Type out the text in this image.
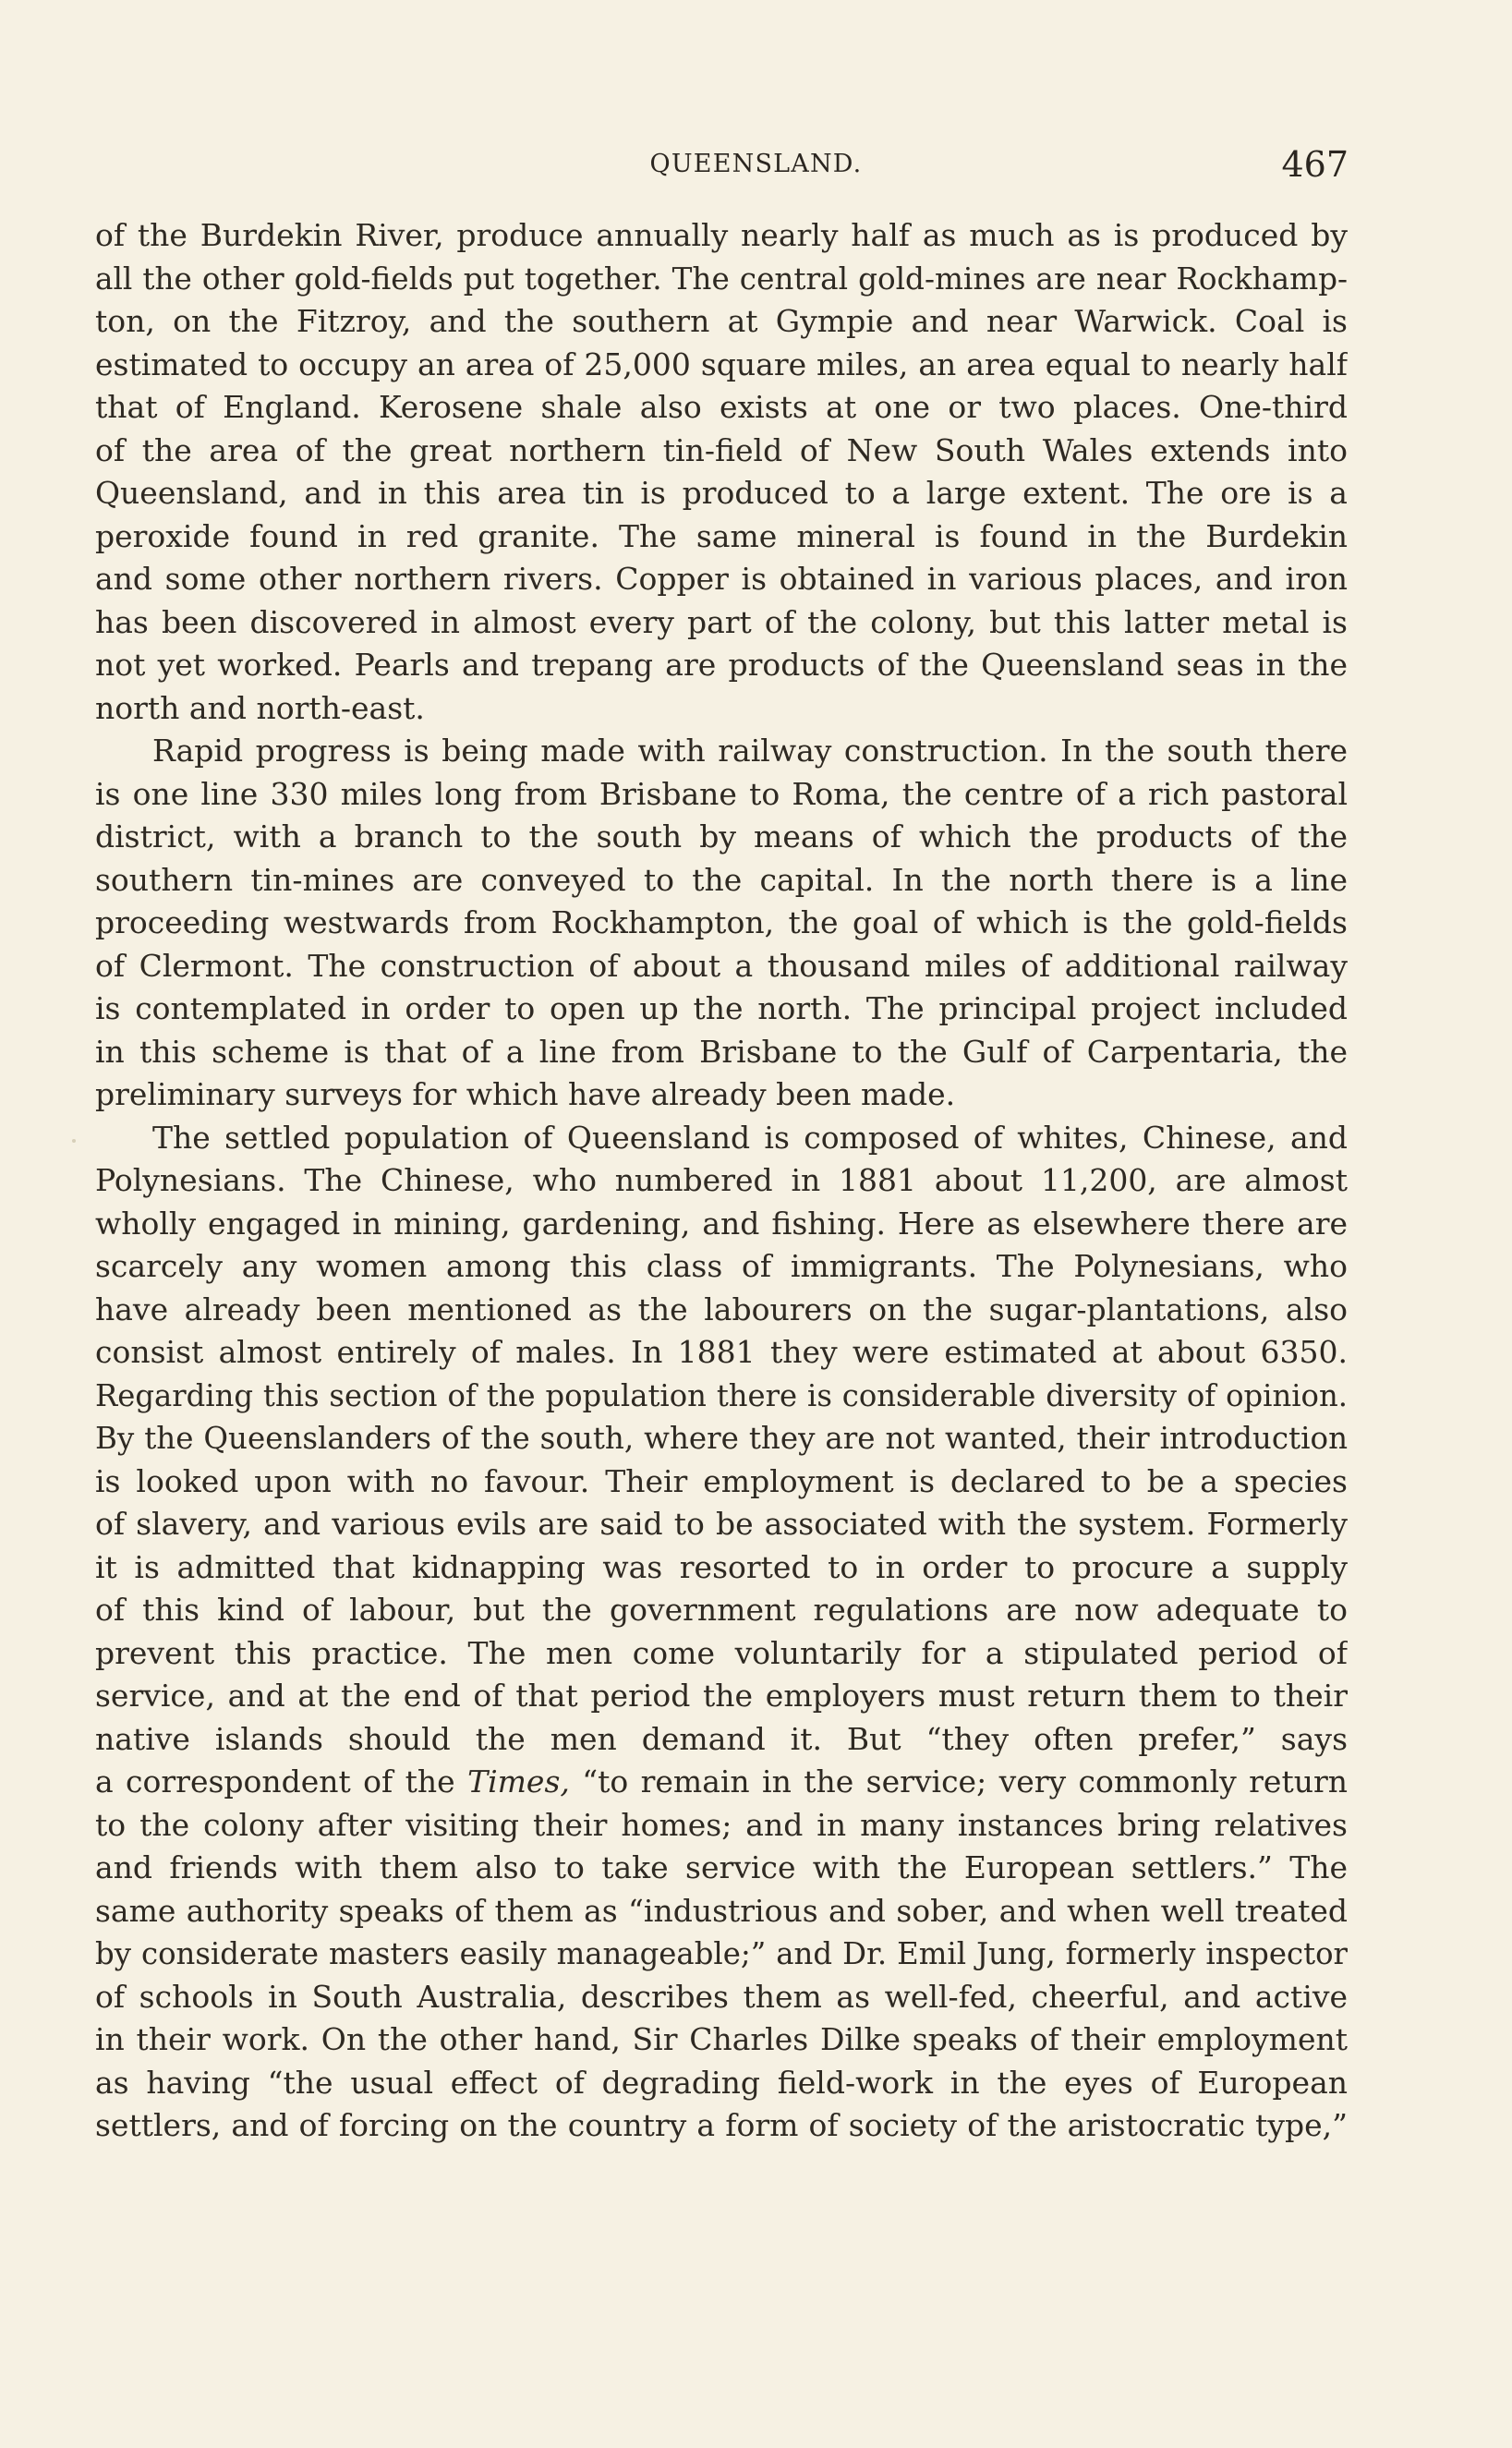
QUEENSLAND.	467
of the Burdekin River, produce annually nearly half as much as is produced by
all the other gold-fields put together. The central gold-mines are near Rockhamp-
ton, on the Fitzroy, and the southern at Gympie and near Warwick. Coal is
estimated to occupy an area of 25,000 square miles, an area equal to nearly half
that of England. Kerosene shale also exists at one or two places. One-third
of the area of the great northern tin-field of New South Wales extends into
Queensland, and in this area tin is produced to a large extent. The ore is a
peroxide found in red granite. The same mineral is found in the Burdekin
and some other northern rivers. Copper is obtained in various places, and iron
has been discovered in almost every part of the colony, but this latter metal is
not yet worked. Pearls and trepang are products of the Queensland seas in the
north and north-east.
Rapid progress is being made with railway construction. In the south there
is one line 330 miles long from Brisbane to Roma, the centre of a rich pastoral
district, with a branch to the south by means of which the products of the
southern tin-mines are conveyed to the capital. In the north there is a line
proceeding westwards from Rockhampton, the goal of which is the gold-fields
of Clermont. The construction of about a thousand miles of additional railway
is contemplated in order to open up the north. The principal project included
in this scheme is that of a line from Brisbane to the Gulf of Carpentaria, the
preliminary surveys for which have already been made.
The settled population of Queensland is composed of whites, Chinese, and
Polynesians. The Chinese, who numbered in 1881 about 11,200, are almost
wholly engaged in mining, gardening, and fishing. Here as elsewhere there are
scarcely any women among this class of immigrants. The Polynesians, who
have already been mentioned as the labourers on the sugar-plantations, also
consist almost entirely of males. In 1881 they were estimated at about 6350.
Regarding this section of the population there is considerable diversity of opinion.
By the Queenslanders of the south, where they are not wanted, their introduction
is looked upon with no favour. Their employment is declared to be a species
of slavery, and various evils are said to be associated with the system. Formerly
it is admitted that kidnapping was resorted to in order to procure a supply
of this kind of labour, but the government regulations are now adequate to
prevent this practice. The men come voluntarily for a stipulated period of
service, and at the end of that period the employers must return them to their
native islands should the men demand it. But “they often prefer,” says
a correspondent of the Times, “to remain in the service; very commonly return
to the colony after visiting their homes; and in many instances bring relatives
and friends with them also to take service with the European settlers.” The
same authority speaks of them as “industrious and sober, and when well treated
by considerate masters easily manageable;” and Dr. Emil Jung, formerly inspector
of schools in South Australia, describes them as well-fed, cheerful, and active
in their work. On the other hand, Sir Charles Dilke speaks of their employment
as having “the usual effect of degrading field-work in the eyes of European
settlers, and of forcing on the country a form of society of the aristocratic type,”
